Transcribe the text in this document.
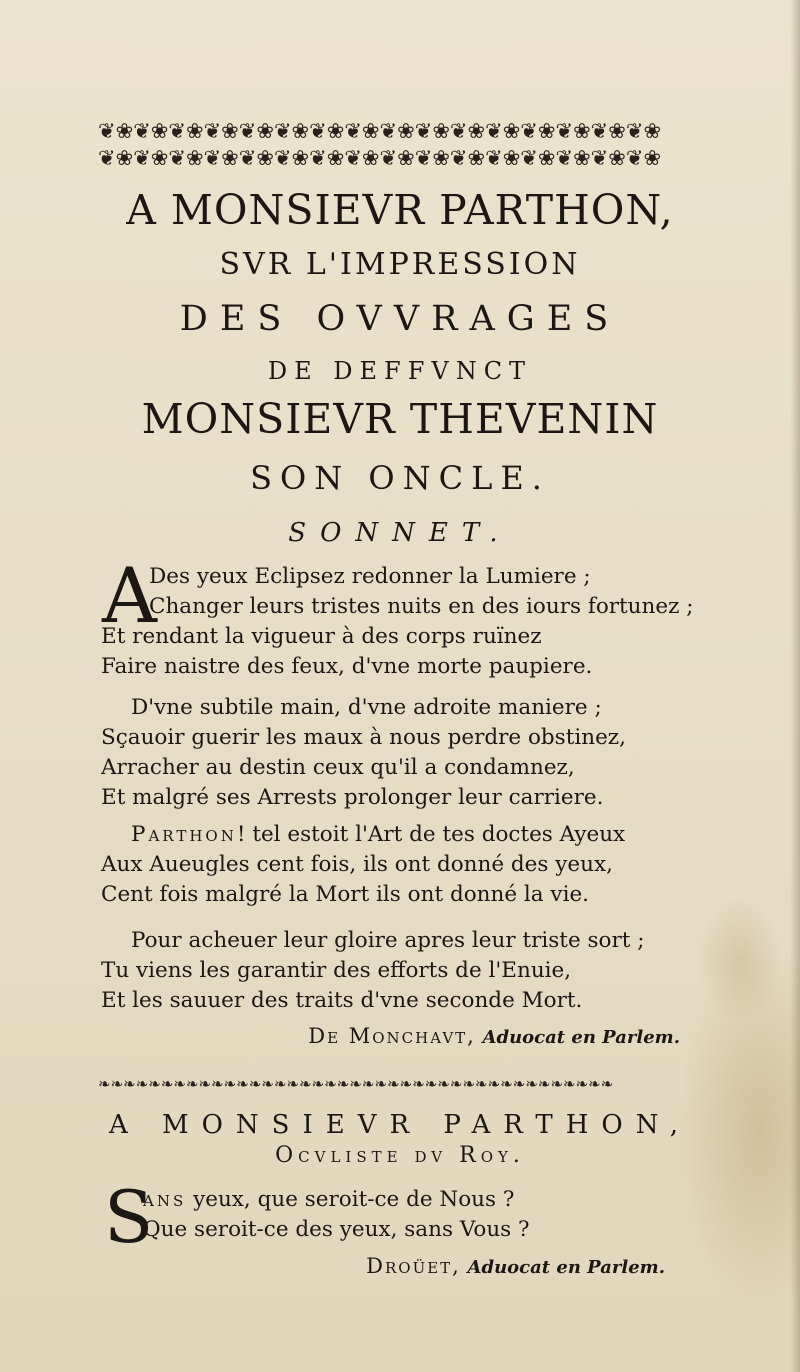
❦❀❦❀❦❀❦❀❦❀❦❀❦❀❦❀❦❀❦❀❦❀❦❀❦❀❦❀❦❀❦❀
❦❀❦❀❦❀❦❀❦❀❦❀❦❀❦❀❦❀❦❀❦❀❦❀❦❀❦❀❦❀❦❀
A MONSIEVR PARTHON,
SVR L'IMPRESSION
DES OVVRAGES
DE DEFFVNCT
MONSIEVR THEVENIN
SON ONCLE.
SONNET.
A
Des yeux Eclipsez redonner la Lumiere ;
Changer leurs tristes nuits en des iours fortunez ;
Et rendant la vigueur à des corps ruïnez
Faire naistre des feux, d'vne morte paupiere.
D'vne subtile main, d'vne adroite maniere ;
Sçauoir guerir les maux à nous perdre obstinez,
Arracher au destin ceux qu'il a condamnez,
Et malgré ses Arrests prolonger leur carriere.
Parthon! tel estoit l'Art de tes doctes Ayeux
Aux Aueugles cent fois, ils ont donné des yeux,
Cent fois malgré la Mort ils ont donné la vie.
Pour acheuer leur gloire apres leur triste sort ;
Tu viens les garantir des efforts de l'Enuie,
Et les sauuer des traits d'vne seconde Mort.
De Monchavt, Aduocat en Parlem.
❧❧❧❧❧❧❧❧❧❧❧❧❧❧❧❧❧❧❧❧❧❧❧❧❧❧❧❧❧❧❧❧❧❧❧❧❧❧❧❧❧
A MONSIEVR PARTHON,
Ocvliste dv Roy.
S
ans yeux, que seroit-ce de Nous ?
Que seroit-ce des yeux, sans Vous ?
Droüet, Aduocat en Parlem.
